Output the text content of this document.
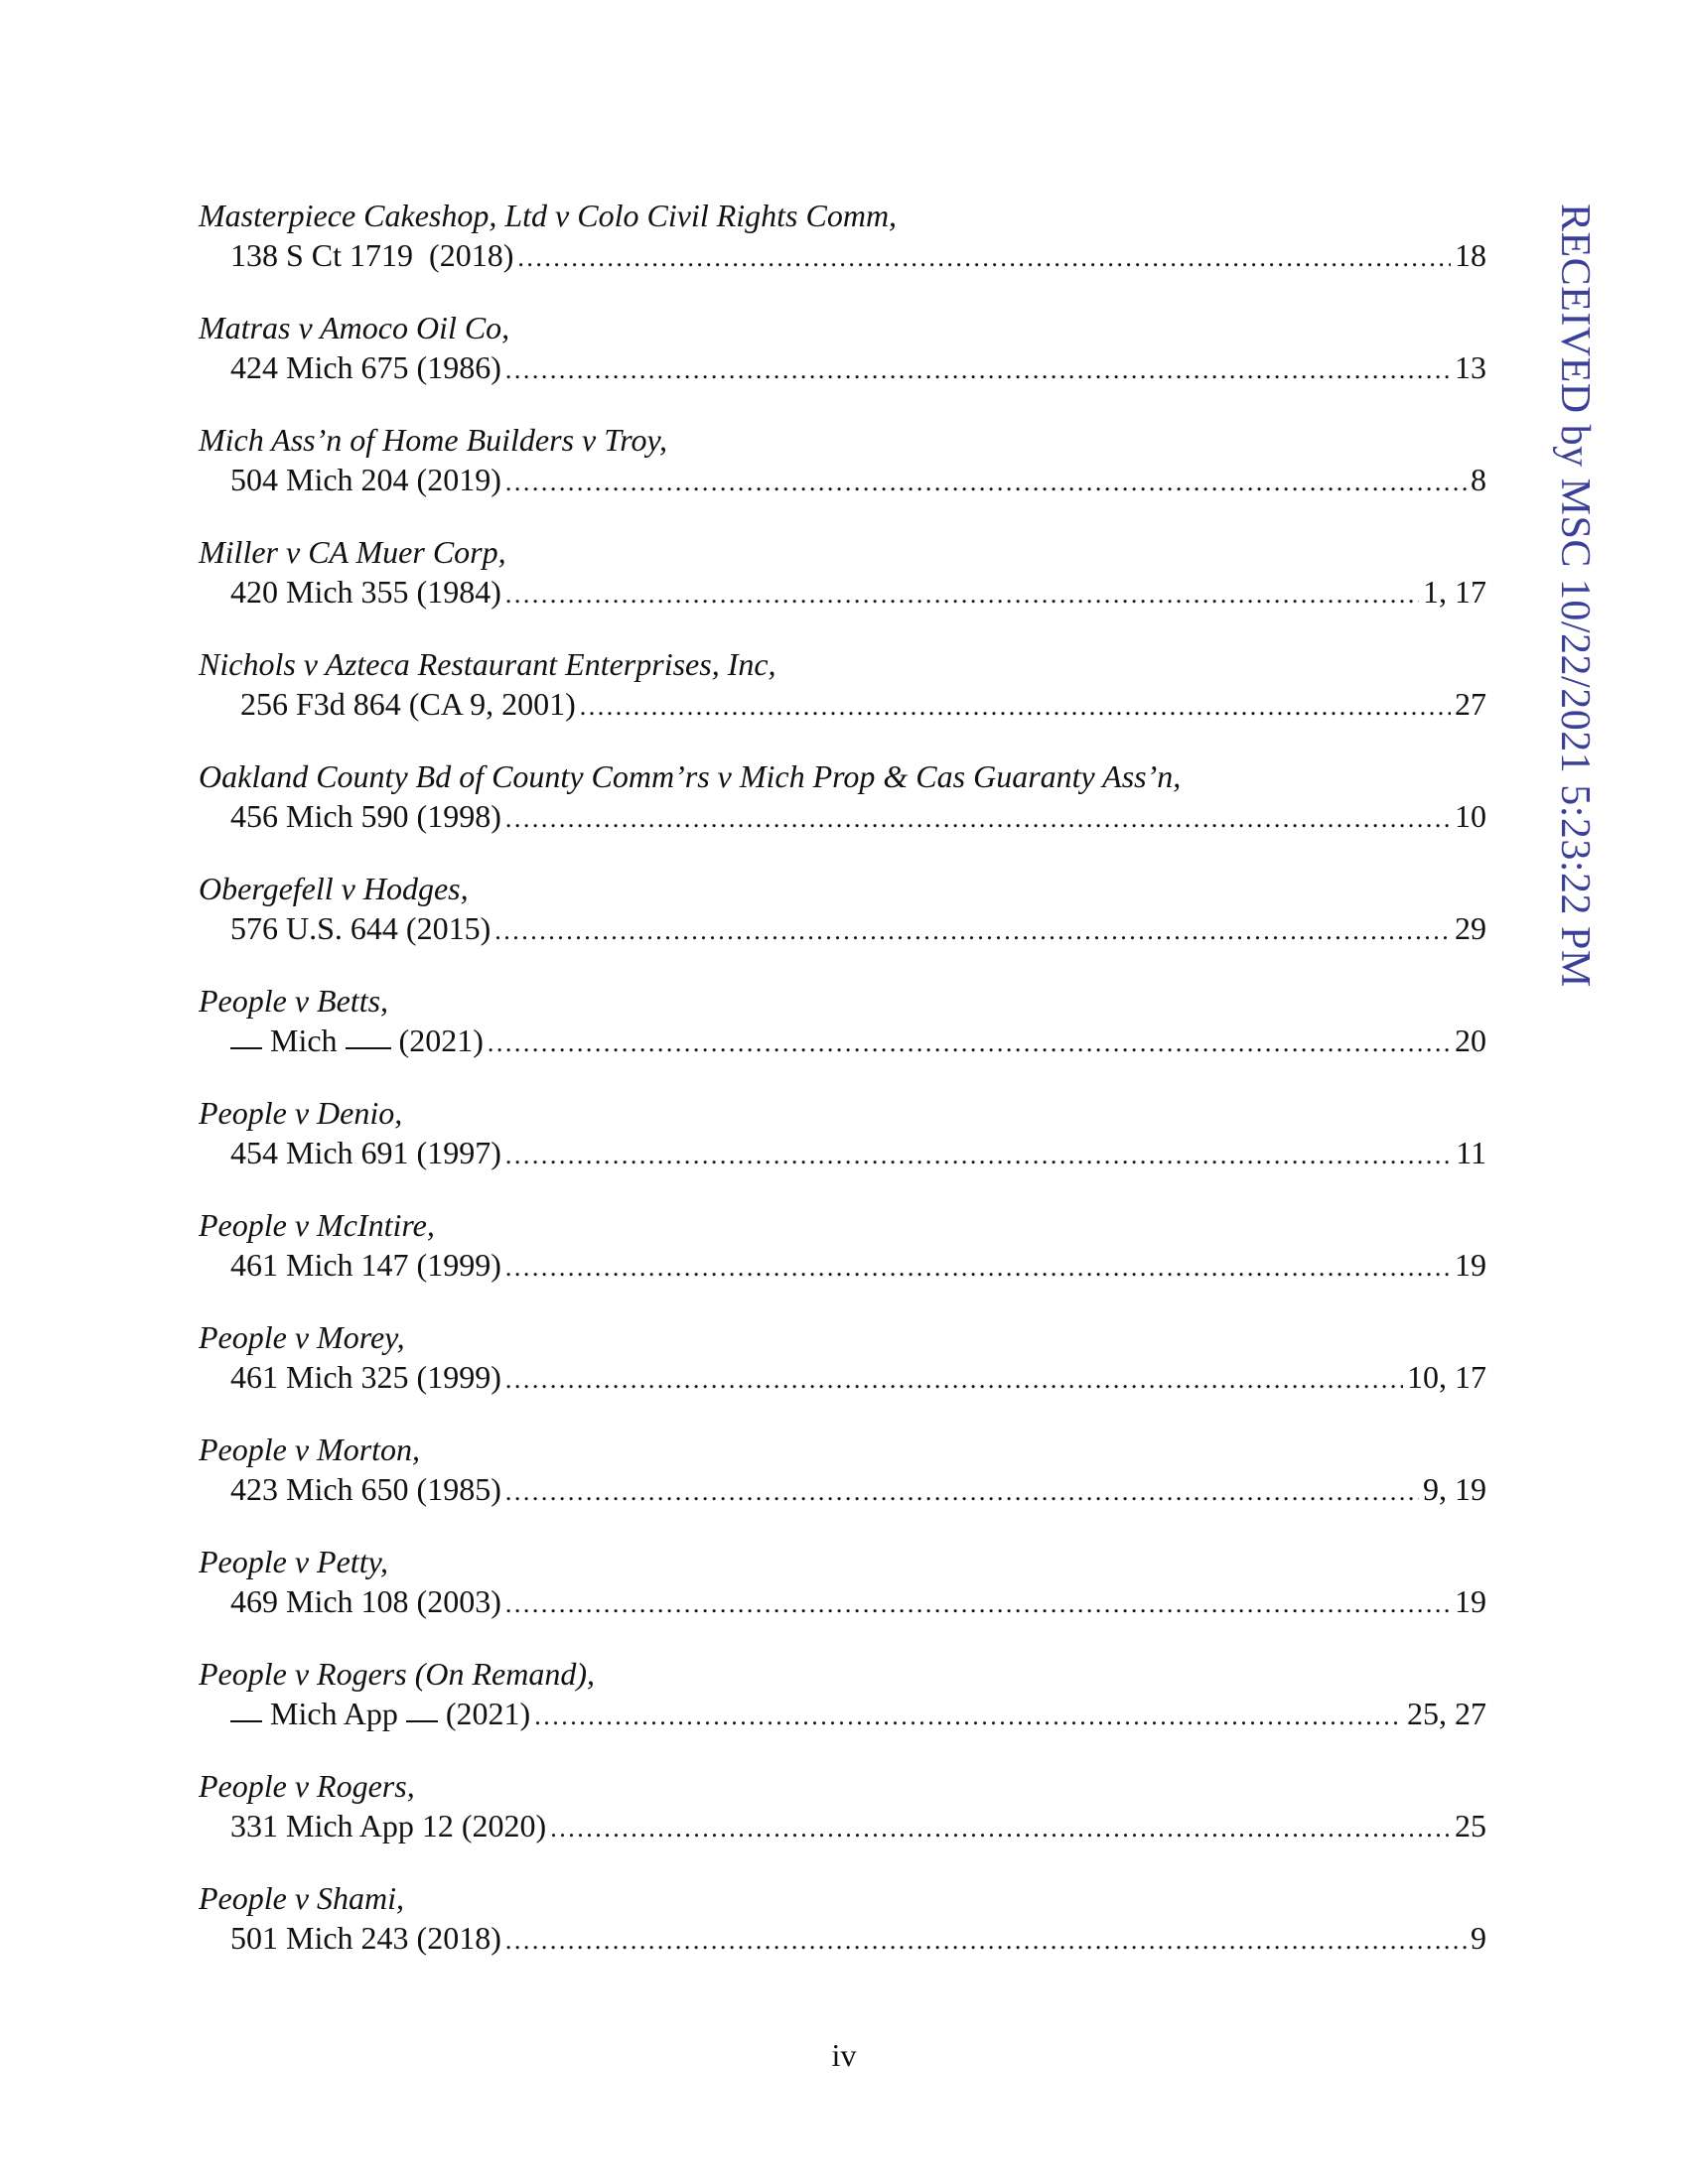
Masterpiece Cakeshop, Ltd v Colo Civil Rights Comm,
138 S Ct 1719  (2018) . . .	18
Matras v Amoco Oil Co,
424 Mich 675 (1986) . . .	13
Mich Ass’n of Home Builders v Troy,
504 Mich 204 (2019) . . .	8
Miller v CA Muer Corp,
420 Mich 355 (1984) . . .	1, 17
Nichols v Azteca Restaurant Enterprises, Inc,
256 F3d 864 (CA 9, 2001) . . .	27
Oakland County Bd of County Comm’rs v Mich Prop & Cas Guaranty Ass’n,
456 Mich 590 (1998) . . .	10
Obergefell v Hodges,
576 U.S. 644 (2015) . . .	29
People v Betts,
Mich (2021) . . .	20
People v Denio,
454 Mich 691 (1997) . . .	11
People v McIntire,
461 Mich 147 (1999) . . .	19
People v Morey,
461 Mich 325 (1999) . . .	10, 17
People v Morton,
423 Mich 650 (1985) . . .	9, 19
People v Petty,
469 Mich 108 (2003) . . .	19
People v Rogers (On Remand),
Mich App (2021) . . .	25, 27
People v Rogers,
331 Mich App 12 (2020) . . .	25
People v Shami,
501 Mich 243 (2018) . . .	9
iv
RECEIVED by MSC 10/22/2021 5:23:22 PM
